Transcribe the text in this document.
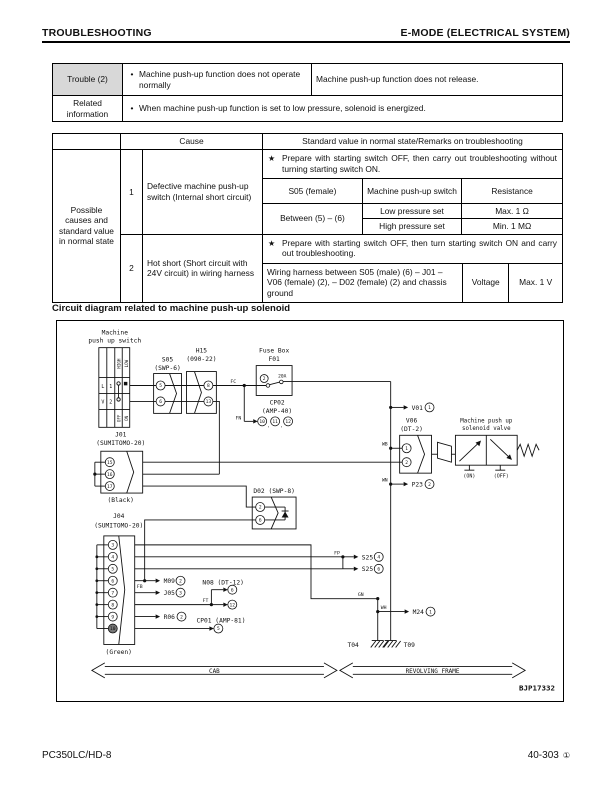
TROUBLESHOOTING	E-MODE (ELECTRICAL SYSTEM)
Trouble (2)	• Machine push-up function does not operate normally	Machine push-up function does not release.
Related information	• When machine push-up function is set to low pressure, solenoid is energized.	
	Cause	Standard value in normal state/Remarks on troubleshooting
Possible causes and standard value in normal state	1	Defective machine push-up switch (Internal short circuit)	
★ Prepare with starting switch OFF, then carry out troubleshooting without turning starting switch ON.
S05 (female)	Machine push-up switch	Resistance
Between (5) – (6)	Low pressure set	Max. 1 Ω
High pressure set	Min. 1 MΩ

2	Hot short (Short circuit with 24V circuit) in wiring harness	
★ Prepare with starting switch OFF, then turn starting switch ON and carry out troubleshooting.
Wiring harness between S05 (male) (6) – J01 – V06 (female) (2), – D02 (female) (2) and chassis ground	Voltage	Max. 1 V
Circuit diagram related to machine push-up solenoid
5
6
8
13
2
10 11 12
, ,
15
16
17
3
4
5
6
7
8
9
10
2
6
1
2
1
2
2
3
2
6
12
5
4
6
1
L 1
V 2
HIGH LOW
OFF ON
Machine
push up switch
S05
(SWP-6)
H15
(090-22)
Fuse Box
F01
20A
CP02
(AMP-40)
J01
(SUMITOMO-20)
(Black)
J04
(SUMITOMO-20)
(Green)
D02 (SWP-8)
V06
(DT-2)
Machine push up
solenoid valve
(ON)	(OFF)
N08 (DT-12)
CP01 (AMP-81)
V01
P23
M09
J05
R06
S25
S25
M24
T04	T09
FC
FN
WB
WN
FB
FT
FP
GN
WH
CAB	REVOLVING FRAME
BJP17332
PC350LC/HD-8	40-303 ①
